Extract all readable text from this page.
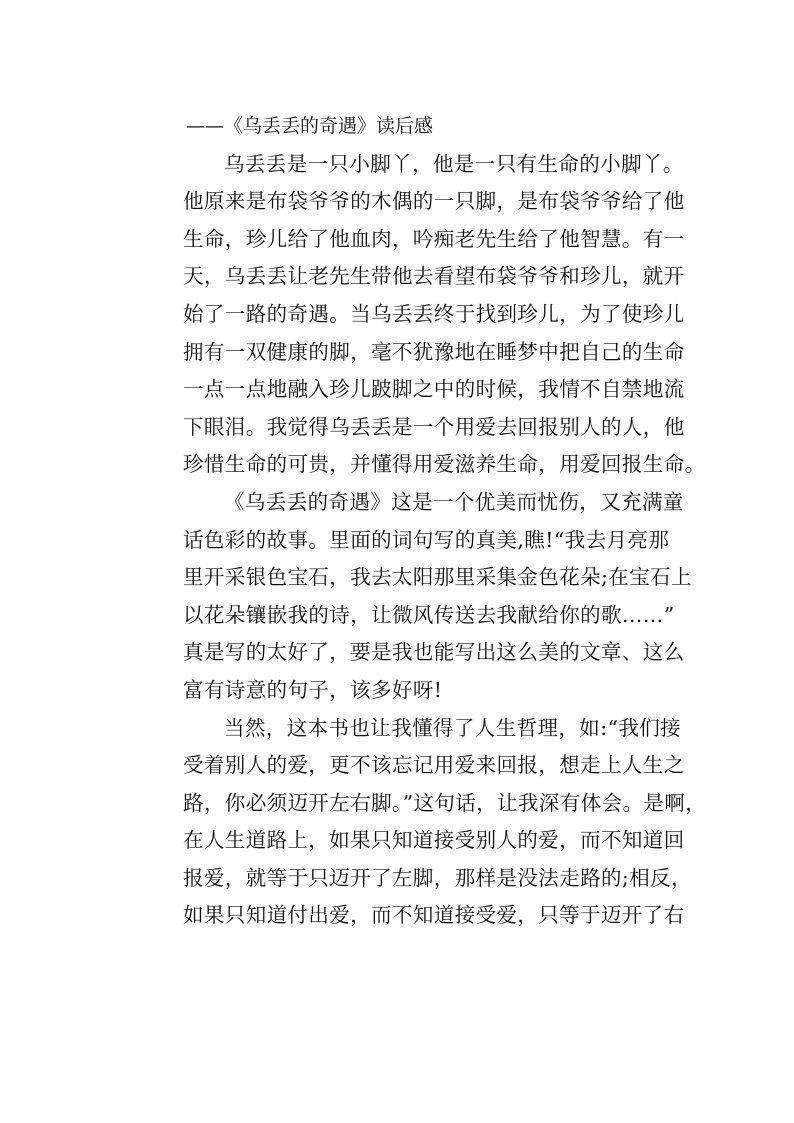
——《乌丢丢的奇遇》读后感
乌丢丢是一只小脚丫，他是一只有生命的小脚丫。
他原来是布袋爷爷的木偶的一只脚，是布袋爷爷给了他
生命，珍儿给了他血肉，吟痴老先生给了他智慧。有一
天，乌丢丢让老先生带他去看望布袋爷爷和珍儿，就开
始了一路的奇遇。当乌丢丢终于找到珍儿，为了使珍儿
拥有一双健康的脚，毫不犹豫地在睡梦中把自己的生命
一点一点地融入珍儿跛脚之中的时候，我情不自禁地流
下眼泪。我觉得乌丢丢是一个用爱去回报别人的人，他
珍惜生命的可贵，并懂得用爱滋养生命，用爱回报生命。
《乌丢丢的奇遇》这是一个优美而忧伤，又充满童
话色彩的故事。里面的词句写的真美,瞧!“我去月亮那
里开采银色宝石，我去太阳那里采集金色花朵;在宝石上
以花朵镶嵌我的诗，让微风传送去我献给你的歌……”
真是写的太好了，要是我也能写出这么美的文章、这么
富有诗意的句子，该多好呀!
当然，这本书也让我懂得了人生哲理，如:“我们接
受着别人的爱，更不该忘记用爱来回报，想走上人生之
路，你必须迈开左右脚。”这句话，让我深有体会。是啊，
在人生道路上，如果只知道接受别人的爱，而不知道回
报爱，就等于只迈开了左脚，那样是没法走路的;相反，
如果只知道付出爱，而不知道接受爱，只等于迈开了右
